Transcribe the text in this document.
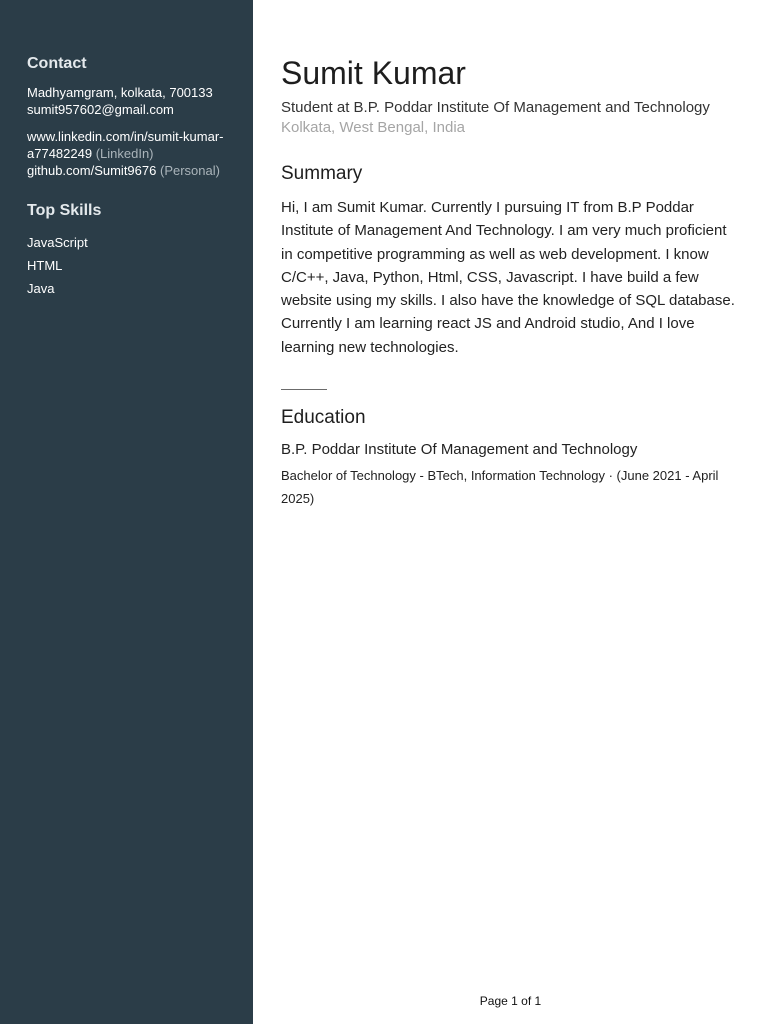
Contact
Madhyamgram, kolkata, 700133
sumit957602@gmail.com
www.linkedin.com/in/sumit-kumar-a77482249 (LinkedIn)
github.com/Sumit9676 (Personal)
Top Skills
JavaScript
HTML
Java
Sumit Kumar
Student at B.P. Poddar Institute Of Management and Technology
Kolkata, West Bengal, India
Summary

Hi, I am Sumit Kumar. Currently I pursuing IT from B.P Poddar Institute of Management And Technology. I am very much proficient in competitive programming as well as web development. I know C/C++, Java, Python, Html, CSS, Javascript. I have build a few website using my skills. I also have the knowledge of SQL database. Currently I am learning react JS and Android studio, And I love learning new technologies.

Education
B.P. Poddar Institute Of Management and Technology
Bachelor of Technology - BTech, Information Technology · (June 2021 - April 2025)
Page 1 of 1
